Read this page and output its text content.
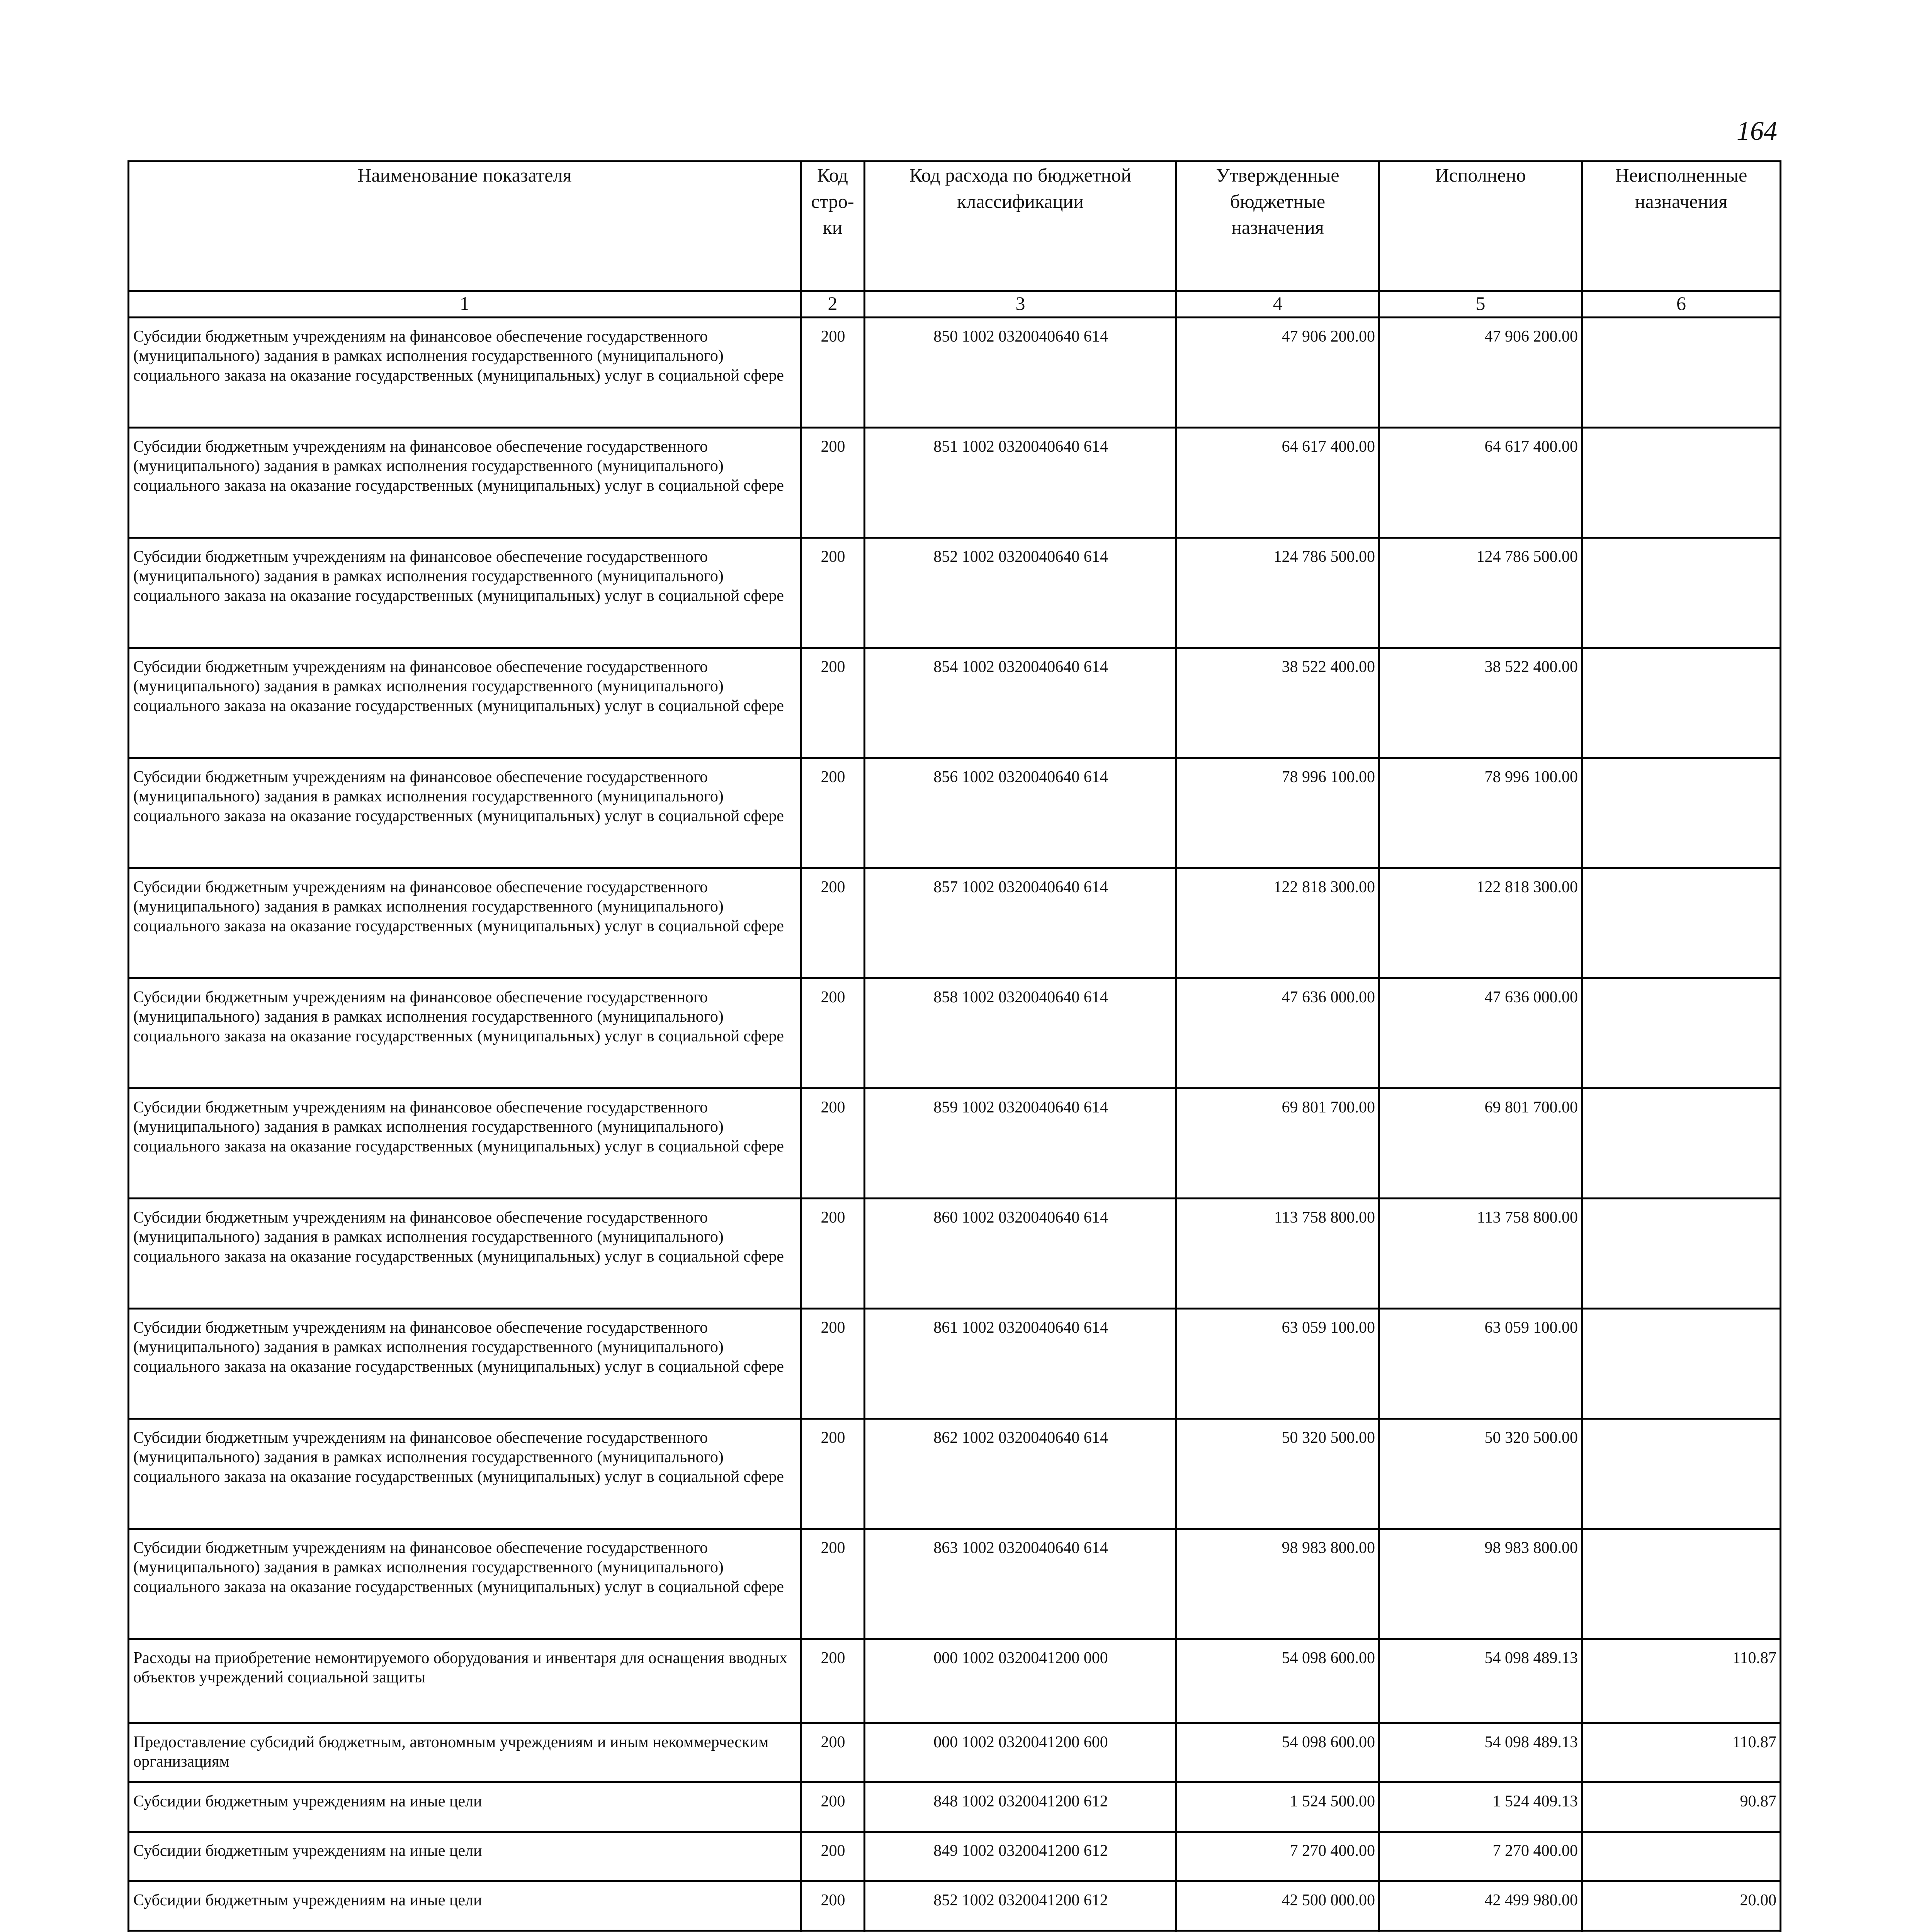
164
Наименование показателя	Код стро-ки	Код расхода по бюджетной классификации	Утвержденные бюджетные назначения	Исполнено	Неисполненные назначения
1	2	3	4	5	6
Субсидии бюджетным учреждениям на финансовое обеспечение государственного (муниципального) задания в рамках исполнения государственного (муниципального) социального заказа на оказание государственных (муниципальных) услуг в социальной сфере	200	850 1002 0320040640 614	47 906 200.00	47 906 200.00	
Субсидии бюджетным учреждениям на финансовое обеспечение государственного (муниципального) задания в рамках исполнения государственного (муниципального) социального заказа на оказание государственных (муниципальных) услуг в социальной сфере	200	851 1002 0320040640 614	64 617 400.00	64 617 400.00	
Субсидии бюджетным учреждениям на финансовое обеспечение государственного (муниципального) задания в рамках исполнения государственного (муниципального) социального заказа на оказание государственных (муниципальных) услуг в социальной сфере	200	852 1002 0320040640 614	124 786 500.00	124 786 500.00	
Субсидии бюджетным учреждениям на финансовое обеспечение государственного (муниципального) задания в рамках исполнения государственного (муниципального) социального заказа на оказание государственных (муниципальных) услуг в социальной сфере	200	854 1002 0320040640 614	38 522 400.00	38 522 400.00	
Субсидии бюджетным учреждениям на финансовое обеспечение государственного (муниципального) задания в рамках исполнения государственного (муниципального) социального заказа на оказание государственных (муниципальных) услуг в социальной сфере	200	856 1002 0320040640 614	78 996 100.00	78 996 100.00	
Субсидии бюджетным учреждениям на финансовое обеспечение государственного (муниципального) задания в рамках исполнения государственного (муниципального) социального заказа на оказание государственных (муниципальных) услуг в социальной сфере	200	857 1002 0320040640 614	122 818 300.00	122 818 300.00	
Субсидии бюджетным учреждениям на финансовое обеспечение государственного (муниципального) задания в рамках исполнения государственного (муниципального) социального заказа на оказание государственных (муниципальных) услуг в социальной сфере	200	858 1002 0320040640 614	47 636 000.00	47 636 000.00	
Субсидии бюджетным учреждениям на финансовое обеспечение государственного (муниципального) задания в рамках исполнения государственного (муниципального) социального заказа на оказание государственных (муниципальных) услуг в социальной сфере	200	859 1002 0320040640 614	69 801 700.00	69 801 700.00	
Субсидии бюджетным учреждениям на финансовое обеспечение государственного (муниципального) задания в рамках исполнения государственного (муниципального) социального заказа на оказание государственных (муниципальных) услуг в социальной сфере	200	860 1002 0320040640 614	113 758 800.00	113 758 800.00	
Субсидии бюджетным учреждениям на финансовое обеспечение государственного (муниципального) задания в рамках исполнения государственного (муниципального) социального заказа на оказание государственных (муниципальных) услуг в социальной сфере	200	861 1002 0320040640 614	63 059 100.00	63 059 100.00	
Субсидии бюджетным учреждениям на финансовое обеспечение государственного (муниципального) задания в рамках исполнения государственного (муниципального) социального заказа на оказание государственных (муниципальных) услуг в социальной сфере	200	862 1002 0320040640 614	50 320 500.00	50 320 500.00	
Субсидии бюджетным учреждениям на финансовое обеспечение государственного (муниципального) задания в рамках исполнения государственного (муниципального) социального заказа на оказание государственных (муниципальных) услуг в социальной сфере	200	863 1002 0320040640 614	98 983 800.00	98 983 800.00	
Расходы на приобретение немонтируемого оборудования и инвентаря для оснащения вводных объектов учреждений социальной защиты	200	000 1002 0320041200 000	54 098 600.00	54 098 489.13	110.87
Предоставление субсидий бюджетным, автономным учреждениям и иным некоммерческим организациям	200	000 1002 0320041200 600	54 098 600.00	54 098 489.13	110.87
Субсидии бюджетным учреждениям на иные цели	200	848 1002 0320041200 612	1 524 500.00	1 524 409.13	90.87
Субсидии бюджетным учреждениям на иные цели	200	849 1002 0320041200 612	7 270 400.00	7 270 400.00	
Субсидии бюджетным учреждениям на иные цели	200	852 1002 0320041200 612	42 500 000.00	42 499 980.00	20.00
